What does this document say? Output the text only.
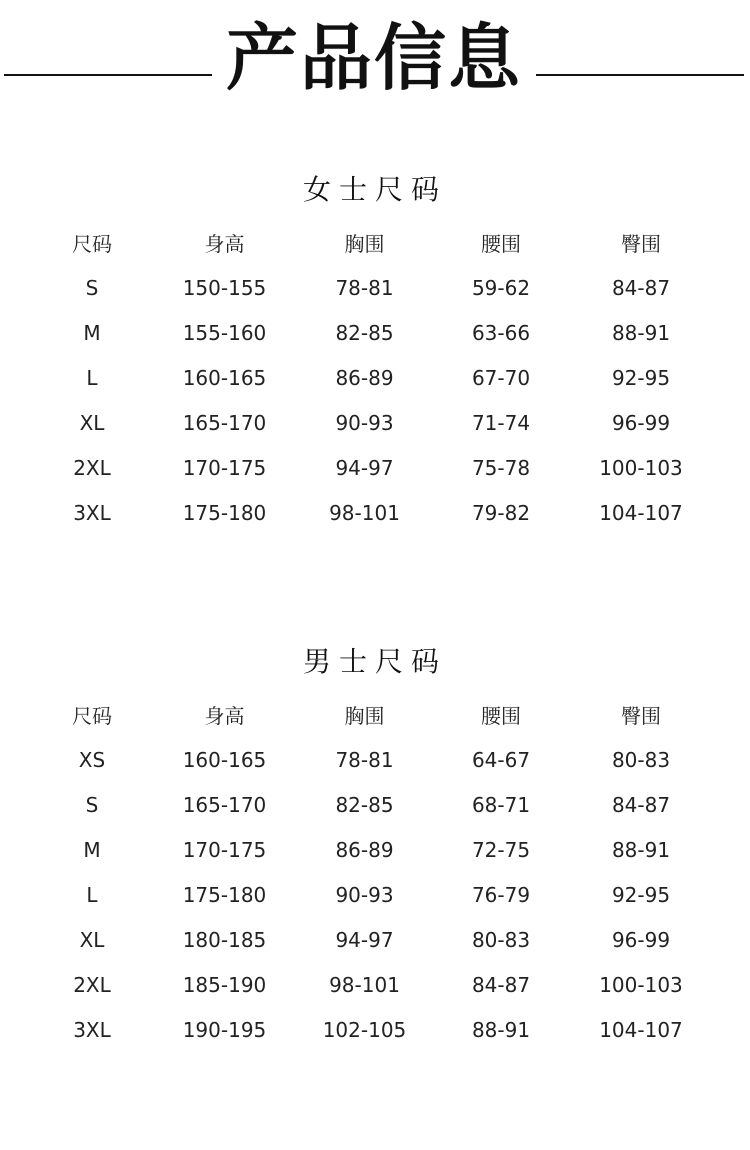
产品信息
女士尺码
尺码	身高	胸围	腰围	臀围
S	150-155	78-81	59-62	84-87
M	155-160	82-85	63-66	88-91
L	160-165	86-89	67-70	92-95
XL	165-170	90-93	71-74	96-99
2XL	170-175	94-97	75-78	100-103
3XL	175-180	98-101	79-82	104-107
男士尺码
尺码	身高	胸围	腰围	臀围
XS	160-165	78-81	64-67	80-83
S	165-170	82-85	68-71	84-87
M	170-175	86-89	72-75	88-91
L	175-180	90-93	76-79	92-95
XL	180-185	94-97	80-83	96-99
2XL	185-190	98-101	84-87	100-103
3XL	190-195	102-105	88-91	104-107
